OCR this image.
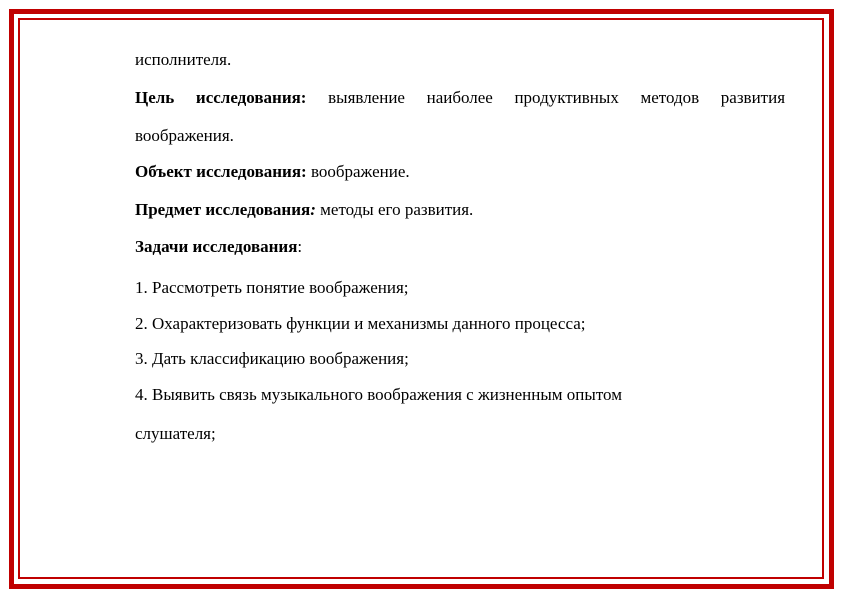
исполнителя.
Цель исследования: выявление наиболее продуктивных методов развития
воображения.
Объект исследования: воображение.
Предмет исследования: методы его развития.
Задачи исследования:
1. Рассмотреть понятие воображения;
2. Охарактеризовать функции и механизмы данного процесса;
3. Дать классификацию воображения;
4. Выявить связь музыкального воображения с жизненным опытом
слушателя;
